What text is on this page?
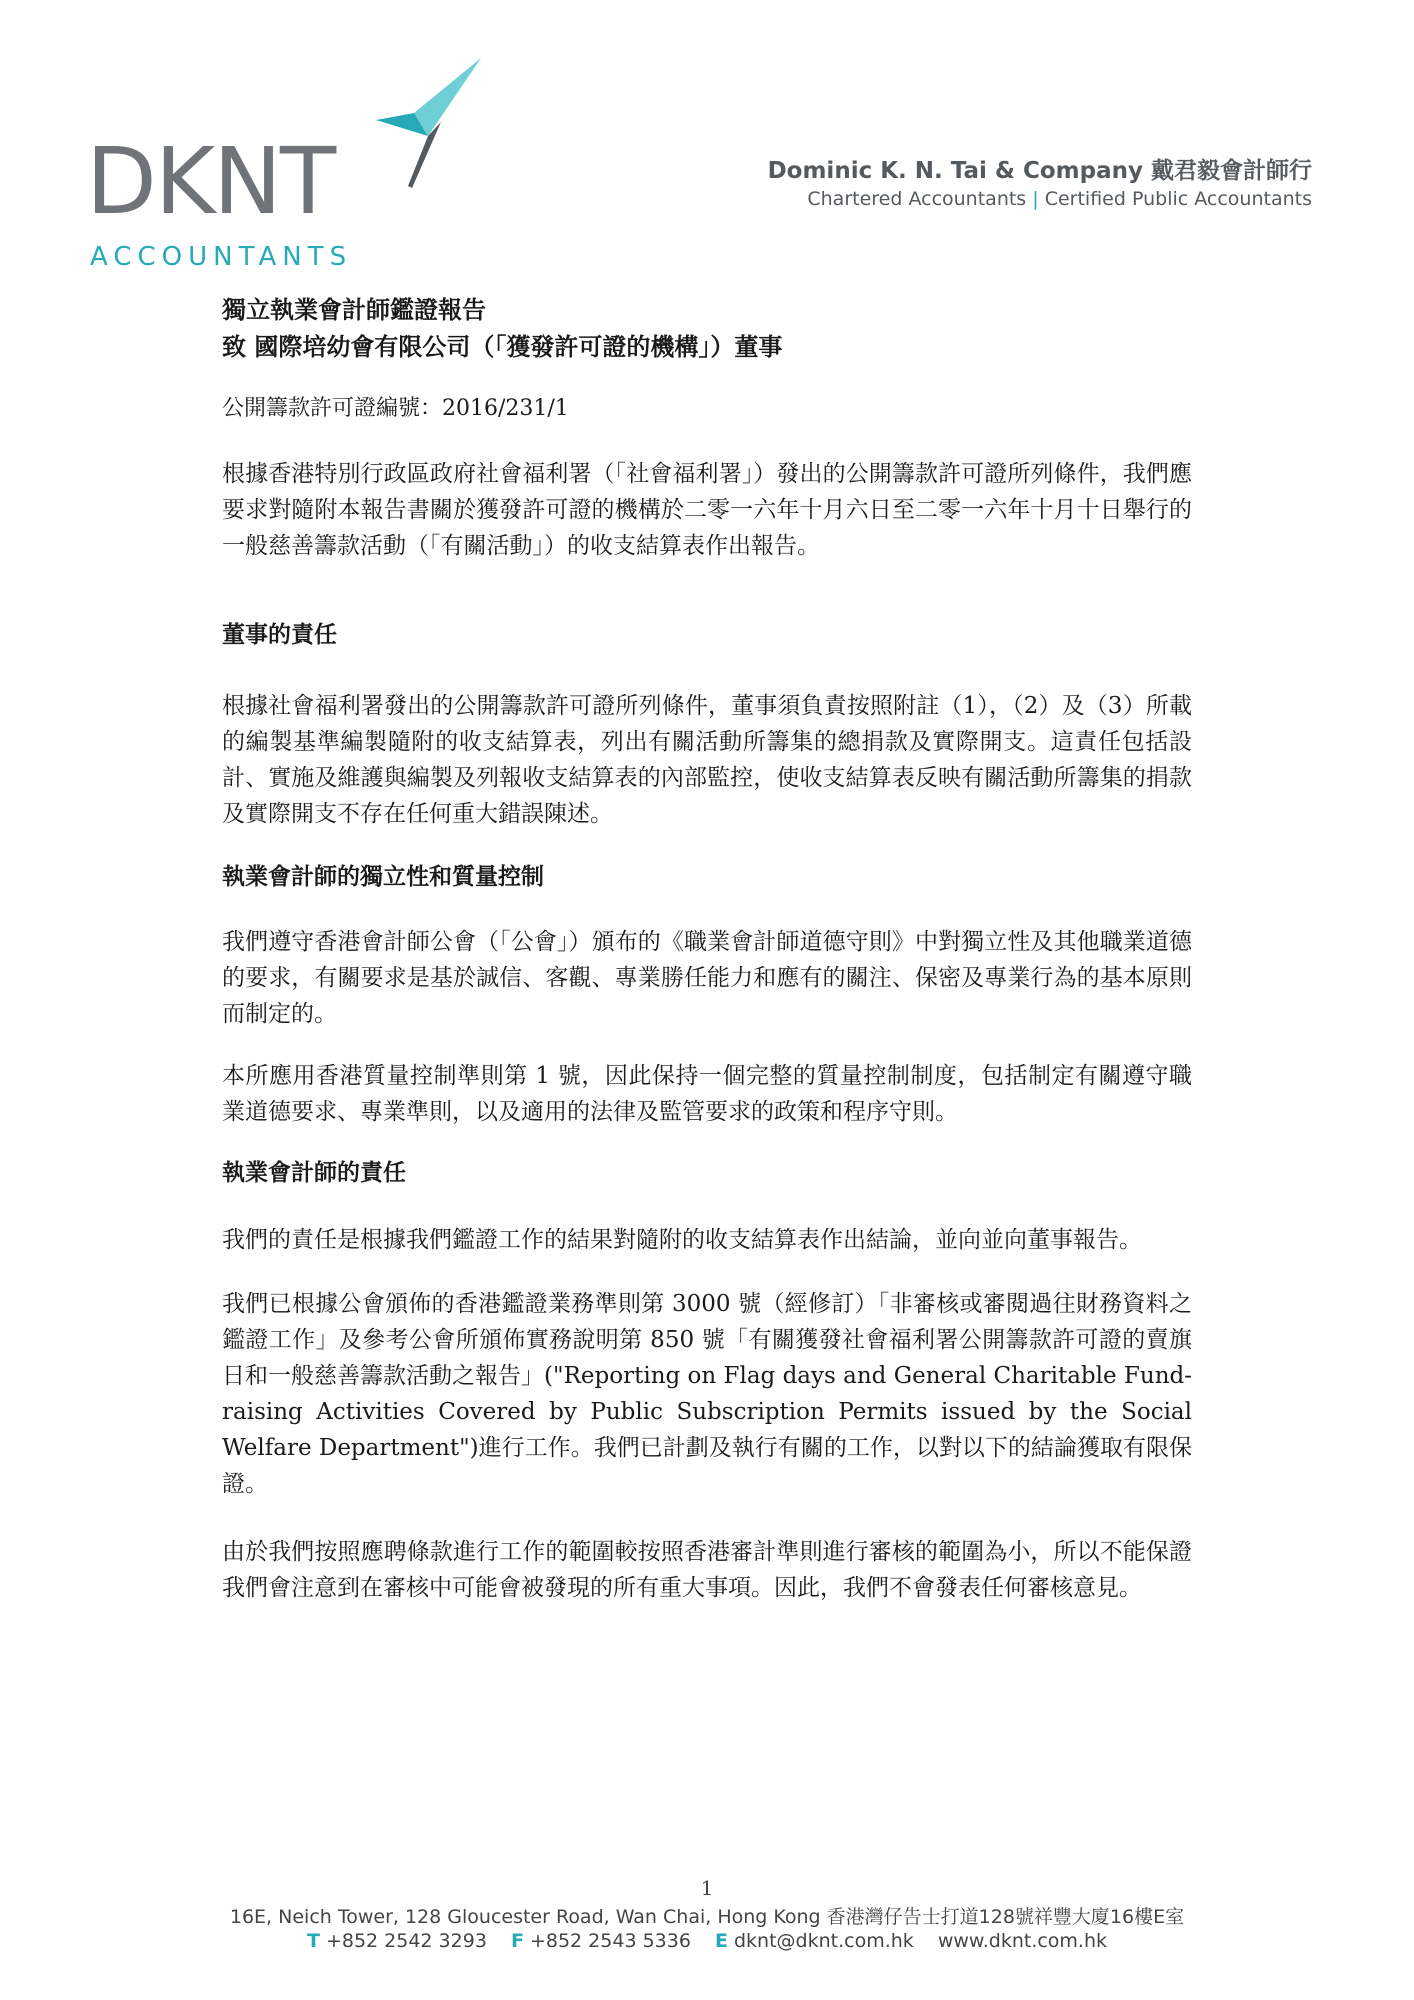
DKNT
ACCOUNTANTS
Dominic K. N. Tai & Company 戴君毅會計師行
Chartered Accountants | Certified Public Accountants
獨立執業會計師鑑證報告
致 國際培幼會有限公司（「獲發許可證的機構」）董事
公開籌款許可證編號：2016/231/1

根據香港特別行政區政府社會福利署（「社會福利署」）發出的公開籌款許可證所列條件，我們應要求對隨附本報告書關於獲發許可證的機構於二零一六年十月六日至二零一六年十月十日舉行的一般慈善籌款活動（「有關活動」）的收支結算表作出報告。

董事的責任

根據社會福利署發出的公開籌款許可證所列條件，董事須負責按照附註（1），（2）及（3）所載的編製基準編製隨附的收支結算表，列出有關活動所籌集的總捐款及實際開支。這責任包括設計、實施及維護與編製及列報收支結算表的內部監控，使收支結算表反映有關活動所籌集的捐款及實際開支不存在任何重大錯誤陳述。

執業會計師的獨立性和質量控制

我們遵守香港會計師公會（「公會」）頒布的《職業會計師道德守則》中對獨立性及其他職業道德的要求，有關要求是基於誠信、客觀、專業勝任能力和應有的關注、保密及專業行為的基本原則而制定的。

本所應用香港質量控制準則第 1 號，因此保持一個完整的質量控制制度，包括制定有關遵守職業道德要求、專業準則，以及適用的法律及監管要求的政策和程序守則。

執業會計師的責任

我們的責任是根據我們鑑證工作的結果對隨附的收支結算表作出結論，並向並向董事報告。

我們已根據公會頒佈的香港鑑證業務準則第 3000 號（經修訂）「非審核或審閱過往財務資料之鑑證工作」及參考公會所頒佈實務說明第 850 號「有關獲發社會福利署公開籌款許可證的賣旗日和一般慈善籌款活動之報告」("Reporting on Flag days and General Charitable Fund-raising Activities Covered by Public Subscription Permits issued by the Social Welfare Department")進行工作。我們已計劃及執行有關的工作，以對以下的結論獲取有限保證。

由於我們按照應聘條款進行工作的範圍較按照香港審計準則進行審核的範圍為小，所以不能保證我們會注意到在審核中可能會被發現的所有重大事項。因此，我們不會發表任何審核意見。

1
16E, Neich Tower, 128 Gloucester Road, Wan Chai, Hong Kong 香港灣仔告士打道128號祥豐大廈16樓E室
T +852 2542 3293 F +852 2543 5336 E dknt@dknt.com.hk www.dknt.com.hk
